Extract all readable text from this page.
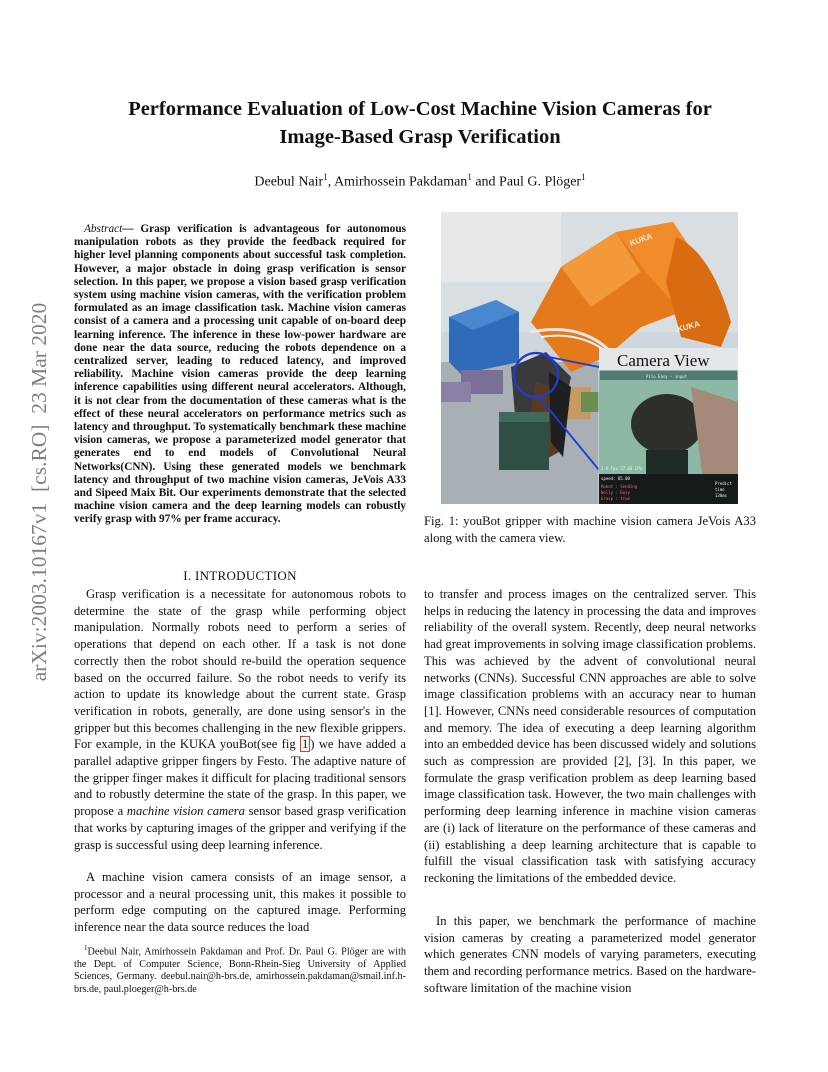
arXiv:2003.10167v1  [cs.RO]  23 Mar 2020
Performance Evaluation of Low-Cost Machine Vision Cameras for
Image-Based Grasp Verification
Deebul Nair$^1$, Amirhossein Pakdaman$^1$ and Paul G. Plöger$^1$

Abstract— Grasp verification is advantageous for autonomous manipulation robots as they provide the feedback required for higher level planning components about successful task completion. However, a major obstacle in doing grasp verification is sensor selection. In this paper, we propose a vision based grasp verification system using machine vision cameras, with the verification problem formulated as an image classification task. Machine vision cameras consist of a camera and a processing unit capable of on-board deep learning inference. The inference in these low-power hardware are done near the data source, reducing the robots dependence on a centralized server, leading to reduced latency, and improved reliability. Machine vision cameras provide the deep learning inference capabilities using different neural accelerators. Although, it is not clear from the documentation of these cameras what is the effect of these neural accelerators on performance metrics such as latency and throughput. To systematically benchmark these machine vision cameras, we propose a parameterized model generator that generates end to end models of Convolutional Neural Networks(CNN). Using these generated models we benchmark latency and throughput of two machine vision cameras, JeVois A33 and Sipeed Maix Bit. Our experiments demonstrate that the selected machine vision camera and the deep learning models can robustly verify grasp with 97% per frame accuracy.

I. INTRODUCTION

Grasp verification is a necessitate for autonomous robots to determine the state of the grasp while performing object manipulation. Normally robots need to perform a series of operations that depend on each other. If a task is not done correctly then the robot should re-build the operation sequence based on the occurred failure. So the robot needs to verify its action to update its knowledge about the current state. Grasp verification in robots, generally, are done using sensor's in the gripper but this becomes challenging in the new flexible grippers. For example, in the KUKA youBot(see fig 1 ) we have added a parallel adaptive gripper fingers by Festo. The adaptive nature of the gripper finger makes it difficult for placing traditional sensors and to robustly determine the state of the grasp. In this paper, we propose a machine vision camera sensor based grasp verification that works by capturing images of the gripper and verifying if the grasp is successful using deep learning inference.

A machine vision camera consists of an image sensor, a processor and a neural processing unit, this makes it possible to perform edge computing on the captured image. Performing inference near the data source reduces the load

$^1$Deebul Nair, Amirhossein Pakdaman and Prof. Dr. Paul G. Plöger are with the Dept. of Computer Science, Bonn-Rhein-Sieg University of Applied Sciences, Germany. deebul.nair@h-brs.de, amirhossein.pakdaman@smail.inf.h-brs.de, paul.ploeger@h-brs.de

Camera View
Pilo Easy - input
2.9 fps 27.60 CPU
speed: 85.00
Robot : Sending
Nolly : Busy
Grasp : true
Predict
time
130ms
KUKA
KUKA

Fig. 1: youBot gripper with machine vision camera JeVois A33 along with the camera view.

to transfer and process images on the centralized server. This helps in reducing the latency in processing the data and improves reliability of the overall system. Recently, deep neural networks had great improvements in solving image classification problems. This was achieved by the advent of convolutional neural networks (CNNs). Successful CNN approaches are able to solve image classification problems with an accuracy near to human [1]. However, CNNs need considerable resources of computation and memory. The idea of executing a deep learning algorithm into an embedded device has been discussed widely and solutions such as compression are provided [2], [3]. In this paper, we formulate the grasp verification problem as deep learning based image classification task. However, the two main challenges with performing deep learning inference in machine vision cameras are (i) lack of literature on the performance of these cameras and (ii) establishing a deep learning architecture that is capable to fulfill the visual classification task with satisfying accuracy reckoning the limitations of the embedded device.

In this paper, we benchmark the performance of machine vision cameras by creating a parameterized model generator which generates CNN models of varying parameters, executing them and recording performance metrics. Based on the hardware-software limitation of the machine vision
